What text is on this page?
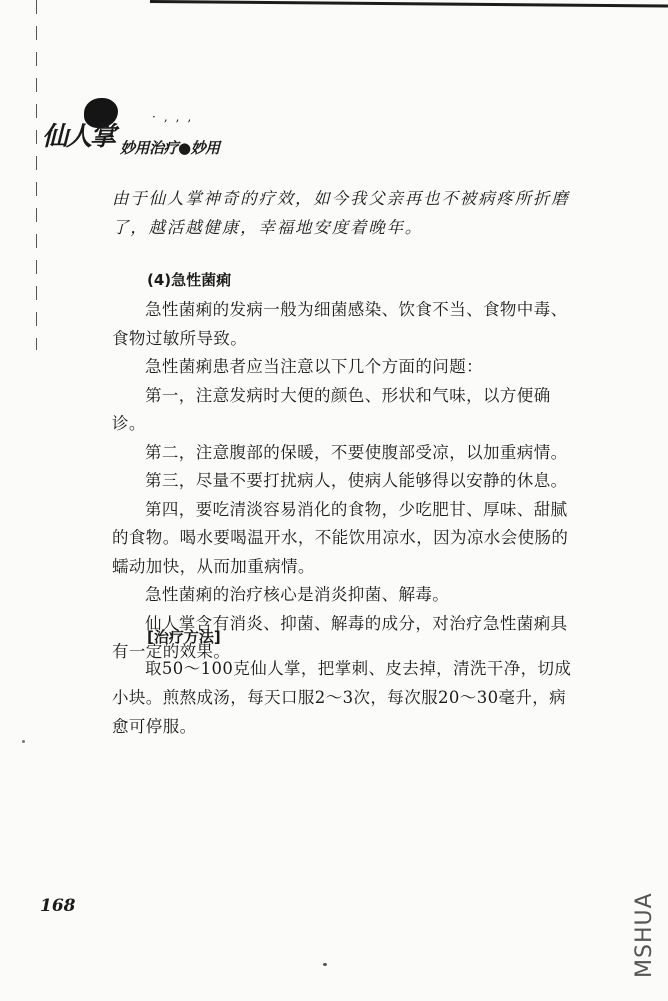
·,,,
仙人掌 妙用治疗●妙用

由于仙人掌神奇的疗效，如今我父亲再也不被病疼所折磨了，越活越健康，幸福地安度着晚年。

(4)急性菌痢

急性菌痢的发病一般为细菌感染、饮食不当、食物中毒、食物过敏所导致。

急性菌痢患者应当注意以下几个方面的问题：

第一，注意发病时大便的颜色、形状和气味，以方便确诊。

第二，注意腹部的保暖，不要使腹部受凉，以加重病情。

第三，尽量不要打扰病人，使病人能够得以安静的休息。

第四，要吃清淡容易消化的食物，少吃肥甘、厚味、甜腻的食物。喝水要喝温开水，不能饮用凉水，因为凉水会使肠的蠕动加快，从而加重病情。

急性菌痢的治疗核心是消炎抑菌、解毒。

仙人掌含有消炎、抑菌、解毒的成分，对治疗急性菌痢具有一定的效果。

[治疗方法]

取50～100克仙人掌，把掌刺、皮去掉，清洗干净，切成小块。煎熬成汤，每天口服2～3次，每次服20～30毫升，病愈可停服。

168	MSHUA
